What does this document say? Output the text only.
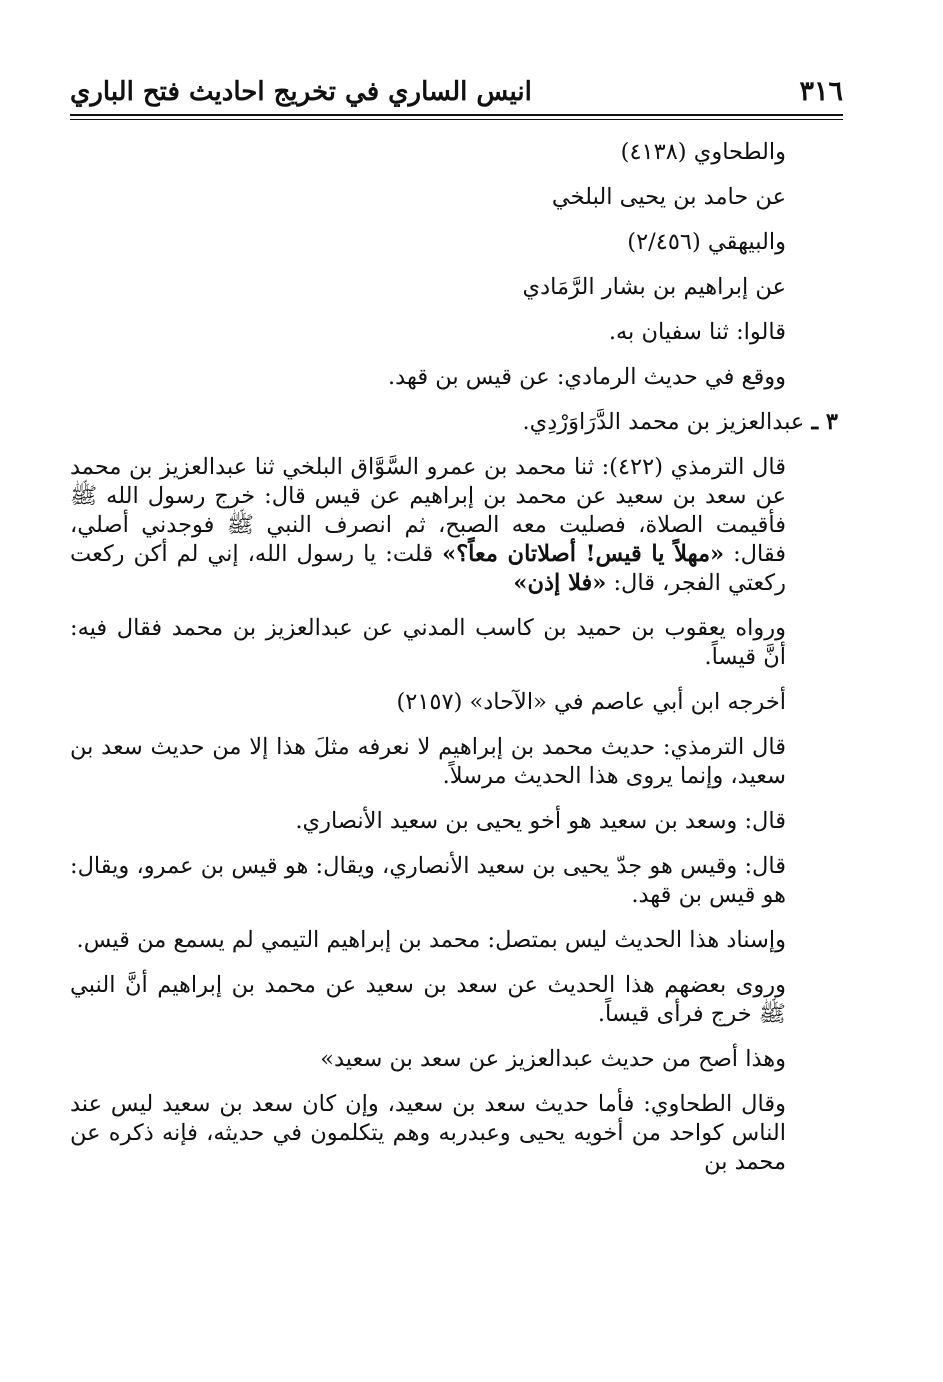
٣١٦
انيس الساري في تخريج احاديث فتح الباري

والطحاوي (٤١٣٨)

عن حامد بن يحيى البلخي

والبيهقي (٢/٤٥٦)

عن إبراهيم بن بشار الرَّمَادي

قالوا: ثنا سفيان به.

ووقع في حديث الرمادي: عن قيس بن قهد.

٣ ـ عبدالعزيز بن محمد الدَّرَاوَرْدِي.

قال الترمذي (٤٢٢): ثنا محمد بن عمرو السَّوَّاق البلخي ثنا عبدالعزيز بن محمد عن سعد بن سعيد عن محمد بن إبراهيم عن قيس قال: خرج رسول الله ﷺ فأقيمت الصلاة، فصليت معه الصبح، ثم انصرف النبي ﷺ فوجدني أصلي، فقال: «مهلاً يا قيس! أصلاتان معاً؟» قلت: يا رسول الله، إني لم أكن ركعت ركعتي الفجر، قال: «فلا إذن»

ورواه يعقوب بن حميد بن كاسب المدني عن عبدالعزيز بن محمد فقال فيه: أنَّ قيساً.

أخرجه ابن أبي عاصم في «الآحاد» (٢١٥٧)

قال الترمذي: حديث محمد بن إبراهيم لا نعرفه مثلَ هذا إلا من حديث سعد بن سعيد، وإنما يروى هذا الحديث مرسلاً.

قال: وسعد بن سعيد هو أخو يحيى بن سعيد الأنصاري.

قال: وقيس هو جدّ يحيى بن سعيد الأنصاري، ويقال: هو قيس بن عمرو، ويقال: هو قيس بن قهد.

وإسناد هذا الحديث ليس بمتصل: محمد بن إبراهيم التيمي لم يسمع من قيس.

وروى بعضهم هذا الحديث عن سعد بن سعيد عن محمد بن إبراهيم أنَّ النبي ﷺ خرج فرأى قيساً.

وهذا أصح من حديث عبدالعزيز عن سعد بن سعيد»

وقال الطحاوي: فأما حديث سعد بن سعيد، وإن كان سعد بن سعيد ليس عند الناس كواحد من أخويه يحيى وعبدربه وهم يتكلمون في حديثه، فإنه ذكره عن محمد بن
